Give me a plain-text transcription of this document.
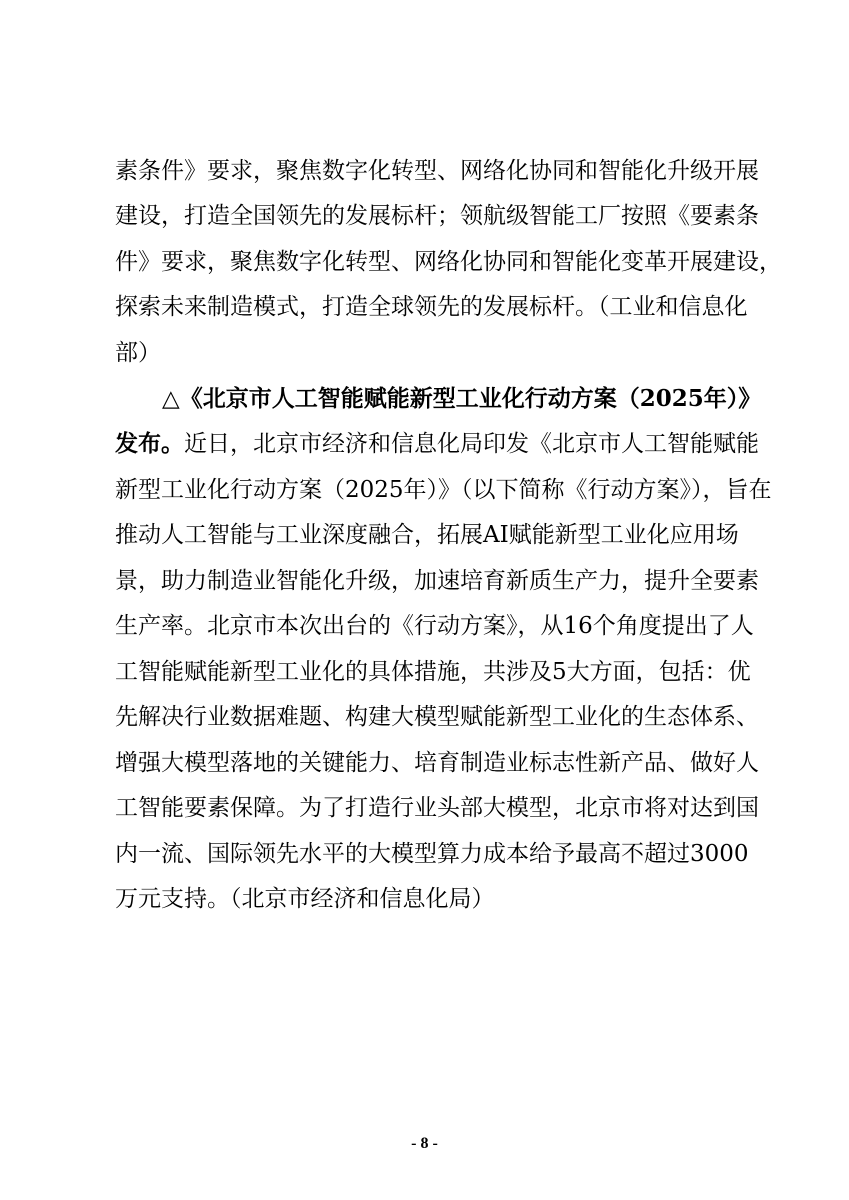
素条件》要求，聚焦数字化转型、网络化协同和智能化升级开展
建设，打造全国领先的发展标杆；领航级智能工厂按照《要素条
件》要求，聚焦数字化转型、网络化协同和智能化变革开展建设，
探索未来制造模式，打造全球领先的发展标杆。（工业和信息化
部）
△《北京市人工智能赋能新型工业化行动方案（2025年）》
发布。近日，北京市经济和信息化局印发《北京市人工智能赋能
新型工业化行动方案（2025年）》（以下简称《行动方案》），旨在
推动人工智能与工业深度融合，拓展AI赋能新型工业化应用场
景，助力制造业智能化升级，加速培育新质生产力，提升全要素
生产率。北京市本次出台的《行动方案》，从16个角度提出了人
工智能赋能新型工业化的具体措施，共涉及5大方面，包括：优
先解决行业数据难题、构建大模型赋能新型工业化的生态体系、
增强大模型落地的关键能力、培育制造业标志性新产品、做好人
工智能要素保障。为了打造行业头部大模型，北京市将对达到国
内一流、国际领先水平的大模型算力成本给予最高不超过3000
万元支持。（北京市经济和信息化局）
- 8 -
